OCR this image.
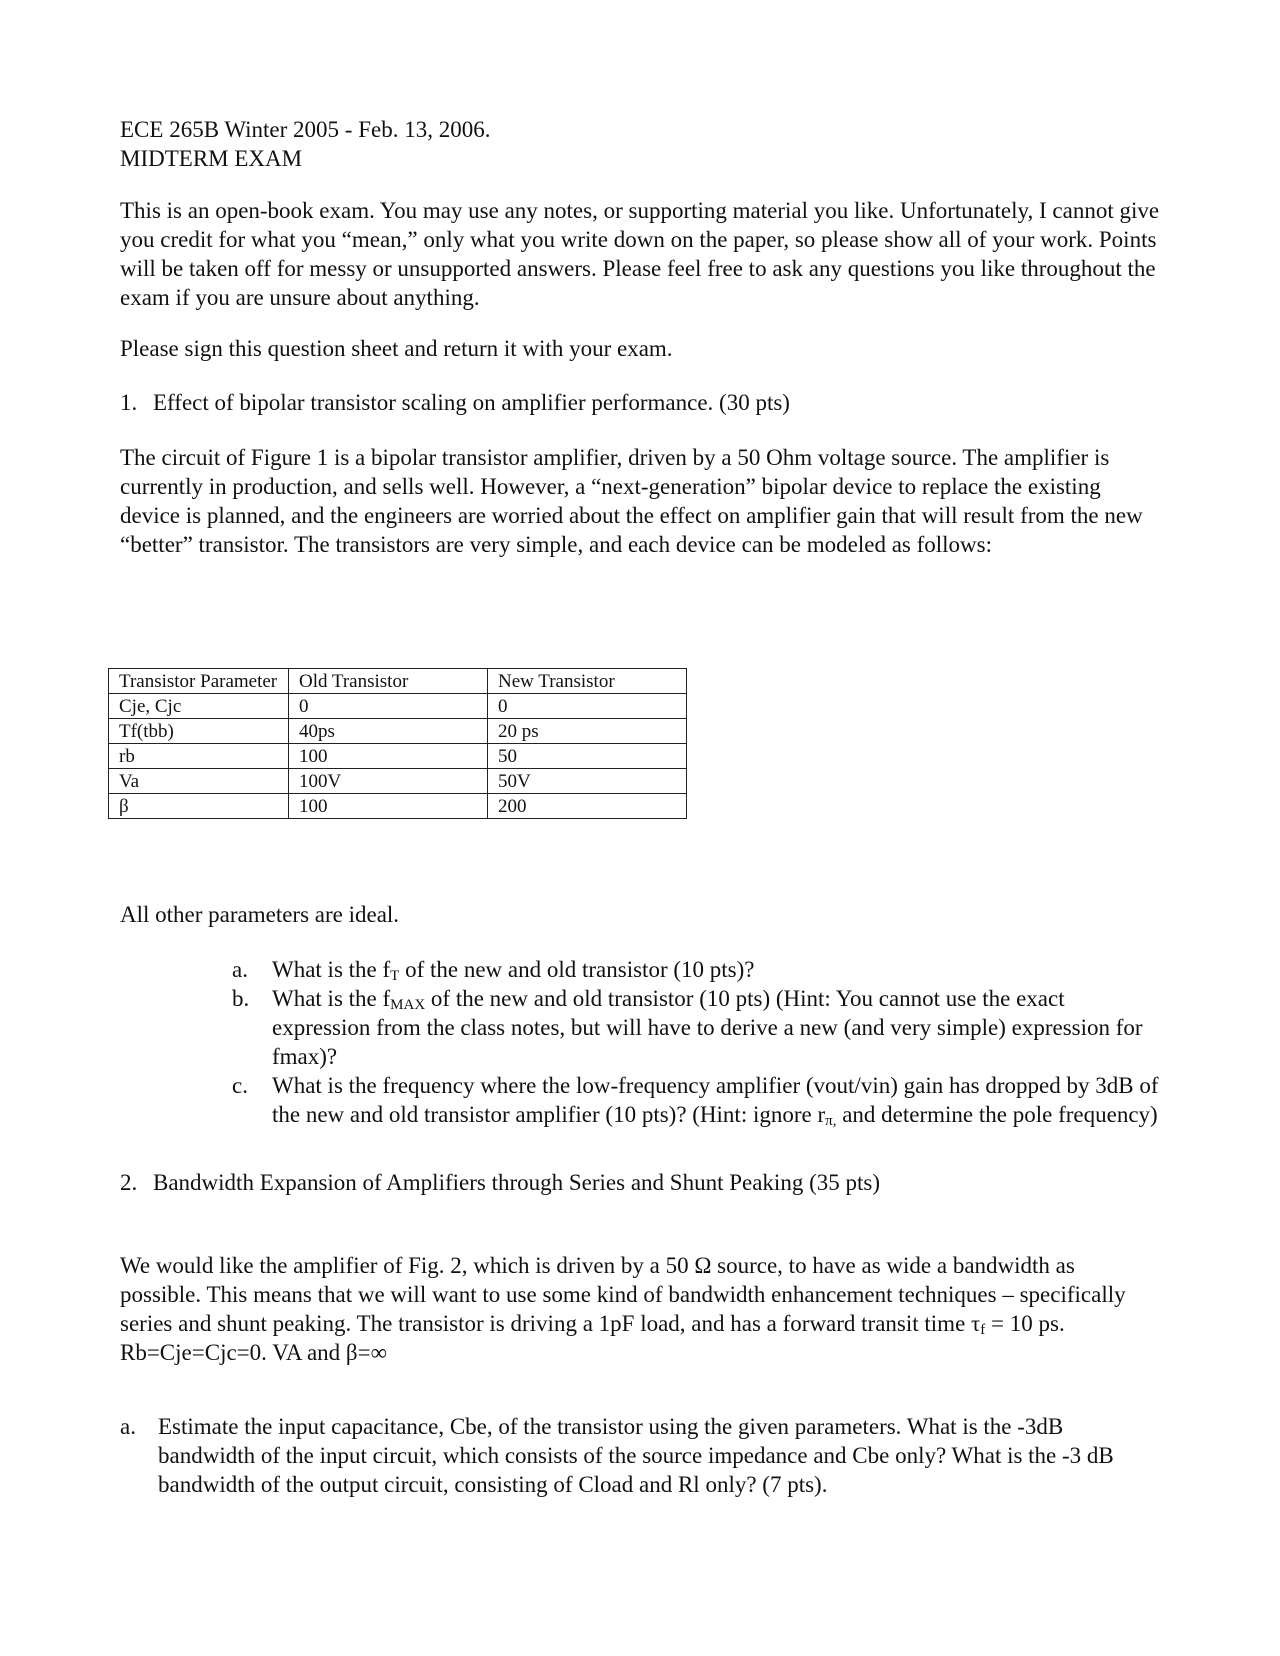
ECE 265B Winter 2005 - Feb. 13, 2006.
MIDTERM EXAM

This is an open-book exam. You may use any notes, or supporting material you like. Unfortunately, I cannot give you credit for what you “mean,” only what you write down on the paper, so please show all of your work. Points will be taken off for messy or unsupported answers. Please feel free to ask any questions you like throughout the exam if you are unsure about anything.

Please sign this question sheet and return it with your exam.

1. Effect of bipolar transistor scaling on amplifier performance. (30 pts)

The circuit of Figure 1 is a bipolar transistor amplifier, driven by a 50 Ohm voltage source. The amplifier is currently in production, and sells well. However, a “next-generation” bipolar device to replace the existing device is planned, and the engineers are worried about the effect on amplifier gain that will result from the new “better” transistor. The transistors are very simple, and each device can be modeled as follows:

Transistor Parameter	Old Transistor	New Transistor
Cje, Cjc	0	0
Tf(tbb)	40ps	20 ps
rb	100	50
Va	100V	50V
β	100	200

All other parameters are ideal.

a. What is the $f_T$ of the new and old transistor (10 pts)?
b. What is the $f_{MAX}$ of the new and old transistor (10 pts) (Hint: You cannot use the exact expression from the class notes, but will have to derive a new (and very simple) expression for fmax)?
c. What is the frequency where the low-frequency amplifier (vout/vin) gain has dropped by 3dB of the new and old transistor amplifier (10 pts)? (Hint: ignore $r_{\pi,}$ and determine the pole frequency)
2. Bandwidth Expansion of Amplifiers through Series and Shunt Peaking (35 pts)

We would like the amplifier of Fig. 2, which is driven by a 50 Ω source, to have as wide a bandwidth as possible. This means that we will want to use some kind of bandwidth enhancement techniques – specifically series and shunt peaking. The transistor is driving a 1pF load, and has a forward transit time $\tau_f = 10$ ps. Rb=Cje=Cjc=0. VA and β=∞

a. Estimate the input capacitance, Cbe, of the transistor using the given parameters. What is the -3dB bandwidth of the input circuit, which consists of the source impedance and Cbe only? What is the -3 dB bandwidth of the output circuit, consisting of Cload and Rl only? (7 pts).
